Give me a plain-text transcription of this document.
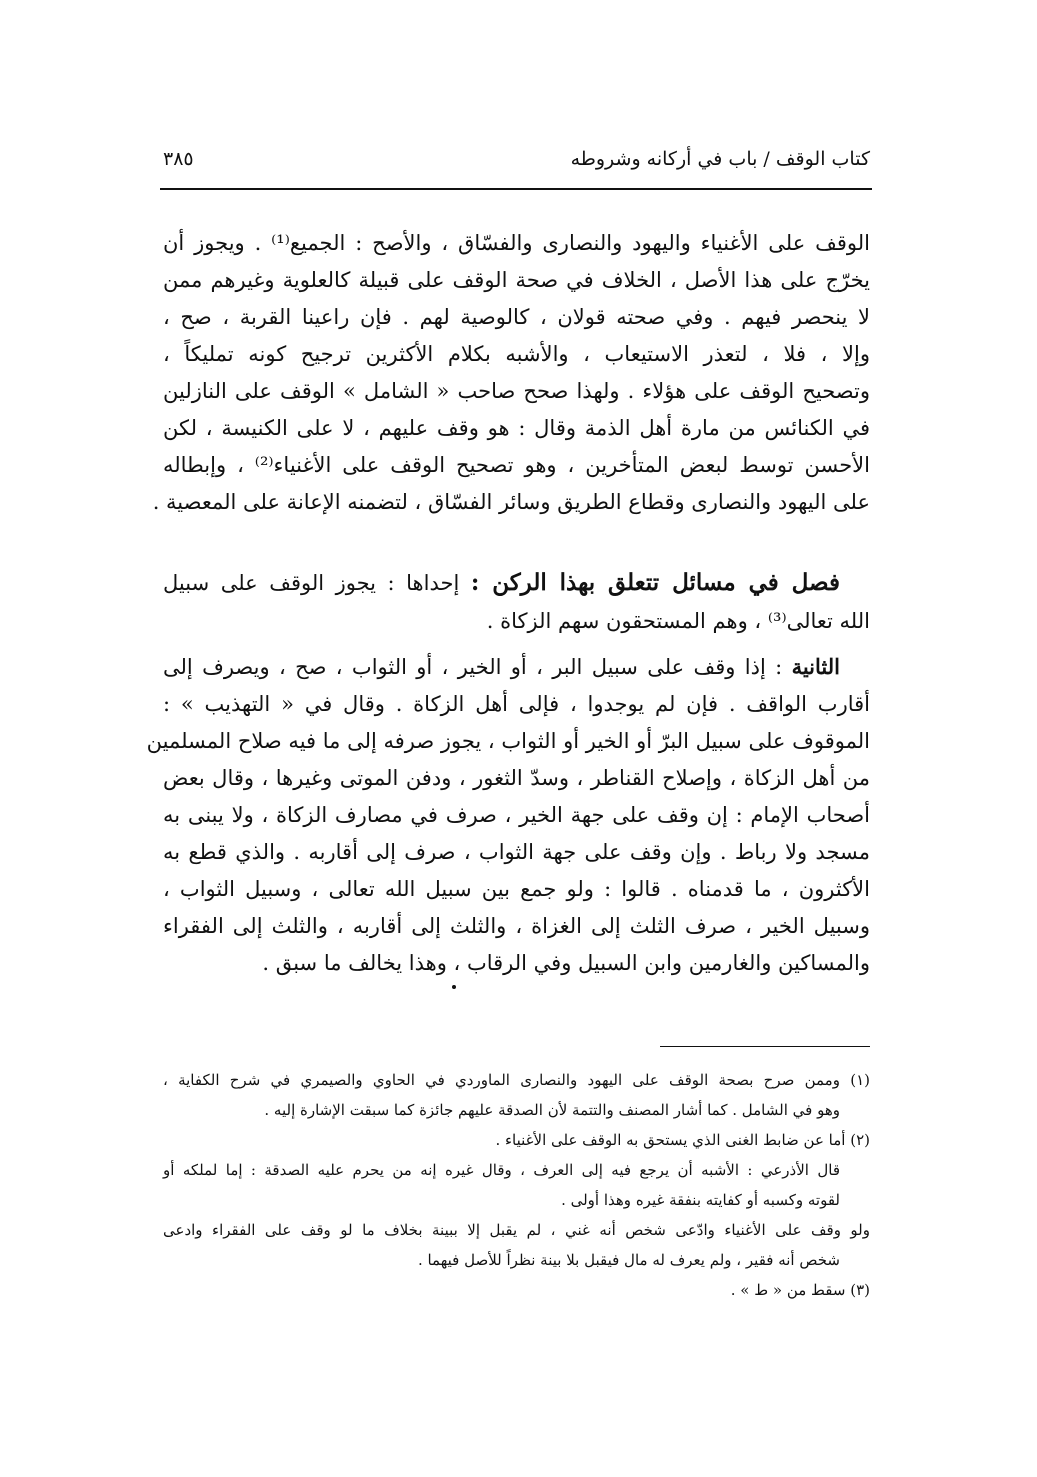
كتاب الوقف / باب في أركانه وشروطه
٣٨٥
الوقف على الأغنياء واليهود والنصارى والفسّاق ، والأصح : الجميع⁽¹⁾ . ويجوز أن
يخرّج على هذا الأصل ، الخلاف في صحة الوقف على قبيلة كالعلوية وغيرهم ممن
لا ينحصر فيهم . وفي صحته قولان ، كالوصية لهم . فإن راعينا القربة ، صح ،
وإلا ، فلا ، لتعذر الاستيعاب ، والأشبه بكلام الأكثرين ترجيح كونه تمليكاً ،
وتصحيح الوقف على هؤلاء . ولهذا صحح صاحب « الشامل » الوقف على النازلين
في الكنائس من مارة أهل الذمة وقال : هو وقف عليهم ، لا على الكنيسة ، لكن
الأحسن توسط لبعض المتأخرين ، وهو تصحيح الوقف على الأغنياء⁽²⁾ ، وإبطاله
على اليهود والنصارى وقطاع الطريق وسائر الفسّاق ، لتضمنه الإعانة على المعصية .
فصل في مسائل تتعلق بهذا الركن : إحداها : يجوز الوقف على سبيل
الله تعالى⁽³⁾ ، وهم المستحقون سهم الزكاة .
الثانية : إذا وقف على سبيل البر ، أو الخير ، أو الثواب ، صح ، ويصرف إلى
أقارب الواقف . فإن لم يوجدوا ، فإلى أهل الزكاة . وقال في « التهذيب » :
الموقوف على سبيل البرّ أو الخير أو الثواب ، يجوز صرفه إلى ما فيه صلاح المسلمين
من أهل الزكاة ، وإصلاح القناطر ، وسدّ الثغور ، ودفن الموتى وغيرها ، وقال بعض
أصحاب الإمام : إن وقف على جهة الخير ، صرف في مصارف الزكاة ، ولا يبنى به
مسجد ولا رباط . وإن وقف على جهة الثواب ، صرف إلى أقاربه . والذي قطع به
الأكثرون ، ما قدمناه . قالوا : ولو جمع بين سبيل الله تعالى ، وسبيل الثواب ،
وسبيل الخير ، صرف الثلث إلى الغزاة ، والثلث إلى أقاربه ، والثلث إلى الفقراء
والمساكين والغارمين وابن السبيل وفي الرقاب ، وهذا يخالف ما سبق .
(١) وممن صرح بصحة الوقف على اليهود والنصارى الماوردي في الحاوي والصيمري في شرح الكفاية ،
وهو في الشامل . كما أشار المصنف والتتمة لأن الصدقة عليهم جائزة كما سبقت الإشارة إليه .
(٢) أما عن ضابط الغنى الذي يستحق به الوقف على الأغنياء .
قال الأذرعي : الأشبه أن يرجع فيه إلى العرف ، وقال غيره إنه من يحرم عليه الصدقة : إما لملكه أو
لقوته وكسبه أو كفايته بنفقة غيره وهذا أولى .
ولو وقف على الأغنياء وادّعى شخص أنه غني ، لم يقبل إلا ببينة بخلاف ما لو وقف على الفقراء وادعى
شخص أنه فقير ، ولم يعرف له مال فيقبل بلا بينة نظراً للأصل فيهما .
(٣) سقط من « ط » .
